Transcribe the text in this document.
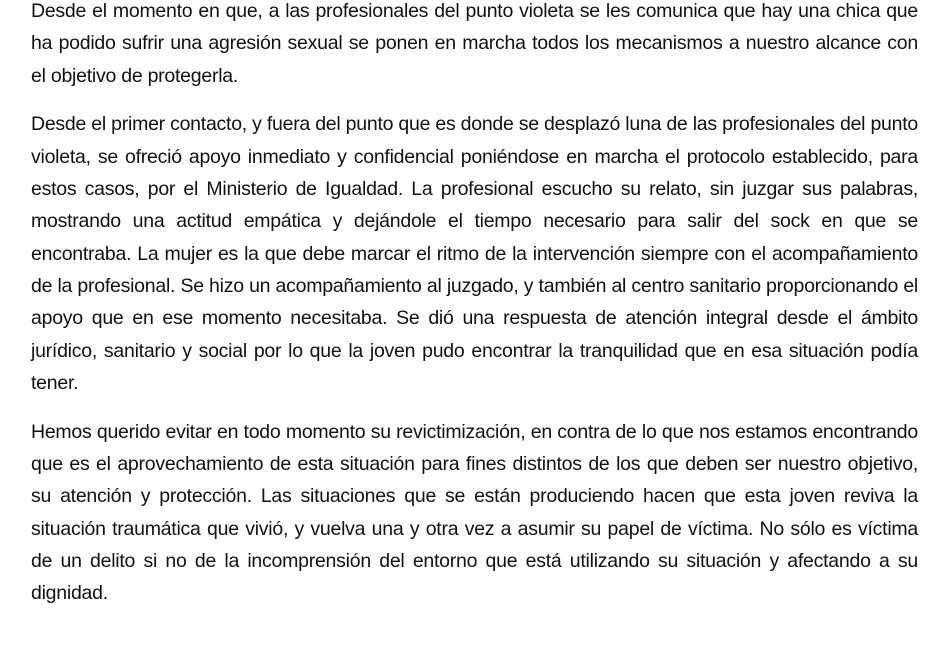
Desde el momento en que, a las profesionales del punto violeta se les comunica que hay una chica que ha podido sufrir una agresión sexual se ponen en marcha todos los mecanismos a nuestro alcance con el objetivo de protegerla.

Desde el primer contacto, y fuera del punto que es donde se desplazó luna de las profesionales del punto violeta, se ofreció apoyo inmediato y confidencial poniéndose en marcha el protocolo establecido, para estos casos, por el Ministerio de Igualdad. La profesional escucho su relato, sin juzgar sus palabras, mostrando una actitud empática y dejándole el tiempo necesario para salir del sock en que se encontraba. La mujer es la que debe marcar el ritmo de la intervención siempre con el acompañamiento de la profesional. Se hizo un acompañamiento al juzgado, y también al centro sanitario proporcionando el apoyo que en ese momento necesitaba. Se dió una respuesta de atención integral desde el ámbito jurídico, sanitario y social por lo que la joven pudo encontrar la tranquilidad que en esa situación podía tener.

Hemos querido evitar en todo momento su revictimización, en contra de lo que nos estamos encontrando que es el aprovechamiento de esta situación para fines distintos de los que deben ser nuestro objetivo, su atención y protección. Las situaciones que se están produciendo hacen que esta joven reviva la situación traumática que vivió, y vuelva una y otra vez a asumir su papel de víctima. No sólo es víctima de un delito si no de la incomprensión del entorno que está utilizando su situación y afectando a su dignidad.
